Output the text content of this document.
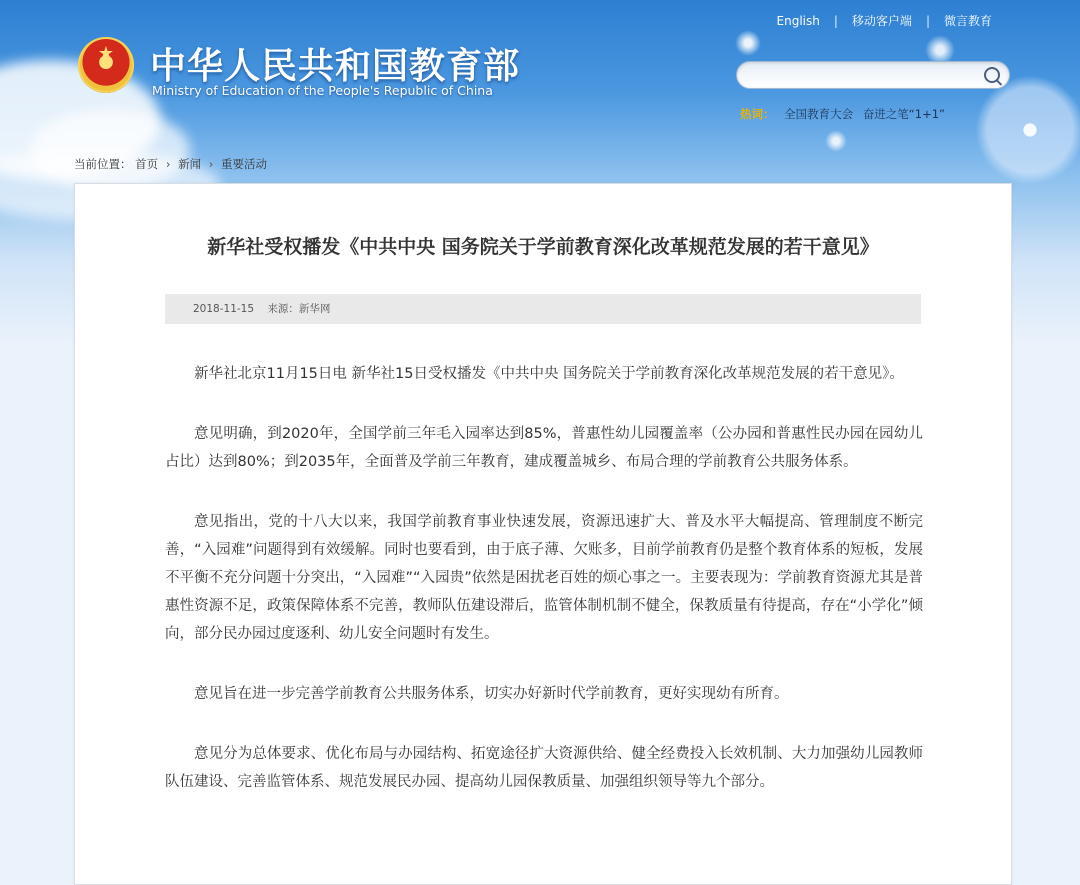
★ 中华人民共和国教育部
Ministry of Education of the People's Republic of China
English | 移动客户端 | 微言教育
热词： 全国教育大会 奋进之笔“1+1”
当前位置： 首页 › 新闻 › 重要活动
新华社受权播发《中共中央 国务院关于学前教育深化改革规范发展的若干意见》
2018-11-15 来源：新华网

新华社北京11月15日电 新华社15日受权播发《中共中央 国务院关于学前教育深化改革规范发展的若干意见》。

意见明确，到2020年，全国学前三年毛入园率达到85%，普惠性幼儿园覆盖率（公办园和普惠性民办园在园幼儿占比）达到80%；到2035年，全面普及学前三年教育，建成覆盖城乡、布局合理的学前教育公共服务体系。

意见指出，党的十八大以来，我国学前教育事业快速发展，资源迅速扩大、普及水平大幅提高、管理制度不断完善，“入园难”问题得到有效缓解。同时也要看到，由于底子薄、欠账多，目前学前教育仍是整个教育体系的短板，发展不平衡不充分问题十分突出，“入园难”“入园贵”依然是困扰老百姓的烦心事之一。主要表现为：学前教育资源尤其是普惠性资源不足，政策保障体系不完善，教师队伍建设滞后，监管体制机制不健全，保教质量有待提高，存在“小学化”倾向，部分民办园过度逐利、幼儿安全问题时有发生。

意见旨在进一步完善学前教育公共服务体系，切实办好新时代学前教育，更好实现幼有所育。

意见分为总体要求、优化布局与办园结构、拓宽途径扩大资源供给、健全经费投入长效机制、大力加强幼儿园教师队伍建设、完善监管体系、规范发展民办园、提高幼儿园保教质量、加强组织领导等九个部分。
